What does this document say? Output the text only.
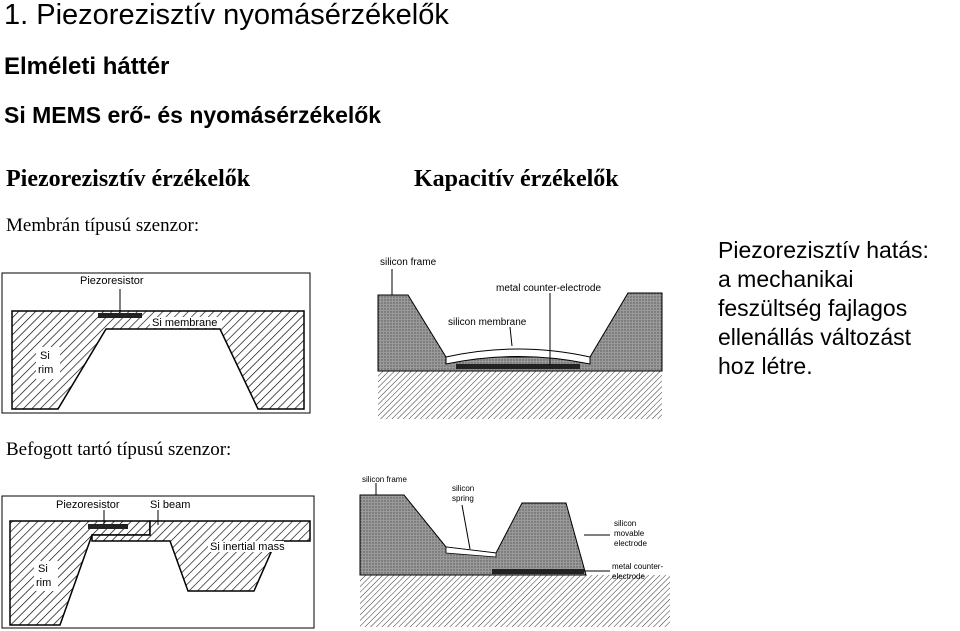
1. Piezorezisztív nyomásérzékelők
Elméleti háttér
Si MEMS erő- és nyomásérzékelők
Piezorezisztív érzékelők	Kapacitív érzékelők
Membrán típusú szenzor:
Befogott tartó típusú szenzor:
Piezoresistor
Si membrane
Si
rim
Piezoresistor	Si beam
Si inertial mass
Si
rim
silicon frame
metal counter-electrode
silicon membrane
silicon frame
silicon
spring
silicon
movable
electrode
metal counter-
electrode
Piezorezisztív hatás:
a mechanikai
feszültség fajlagos
ellenállás változást
hoz létre.
